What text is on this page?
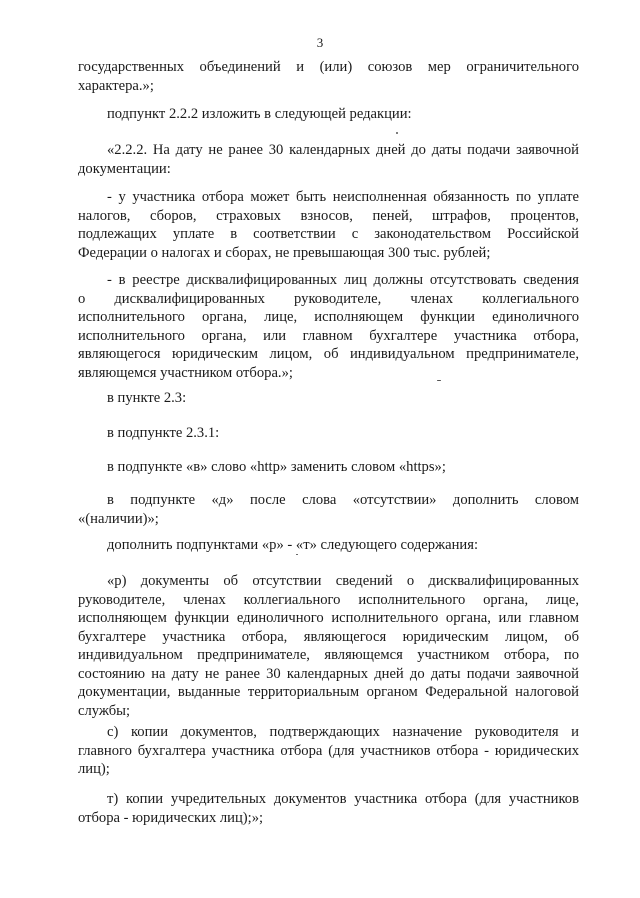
3
государственных объединений и (или) союзов мер ограничительного
характера.»;
подпункт 2.2.2 изложить в следующей редакции:
«2.2.2. На дату не ранее 30 календарных дней до даты подачи заявочной
документации:
- у участника отбора может быть неисполненная обязанность по уплате
налогов, сборов, страховых взносов, пеней, штрафов, процентов,
подлежащих уплате в соответствии с законодательством Российской
Федерации о налогах и сборах, не превышающая 300 тыс. рублей;
- в реестре дисквалифицированных лиц должны отсутствовать сведения
о дисквалифицированных руководителе, членах коллегиального
исполнительного органа, лице, исполняющем функции единоличного
исполнительного органа, или главном бухгалтере участника отбора,
являющегося юридическим лицом, об индивидуальном предпринимателе,
являющемся участником отбора.»;
в пункте 2.3:
в подпункте 2.3.1:
в подпункте «в» слово «http» заменить словом «https»;
в подпункте «д» после слова «отсутствии» дополнить словом
«(наличии)»;
дополнить подпунктами «р» - «т» следующего содержания:
«р) документы об отсутствии сведений о дисквалифицированных
руководителе, членах коллегиального исполнительного органа, лице,
исполняющем функции единоличного исполнительного органа, или главном
бухгалтере участника отбора, являющегося юридическим лицом, об
индивидуальном предпринимателе, являющемся участником отбора, по
состоянию на дату не ранее 30 календарных дней до даты подачи заявочной
документации, выданные территориальным органом Федеральной налоговой
службы;
с) копии документов, подтверждающих назначение руководителя и
главного бухгалтера участника отбора (для участников отбора - юридических
лиц);
т) копии учредительных документов участника отбора (для участников
отбора - юридических лиц);»;
